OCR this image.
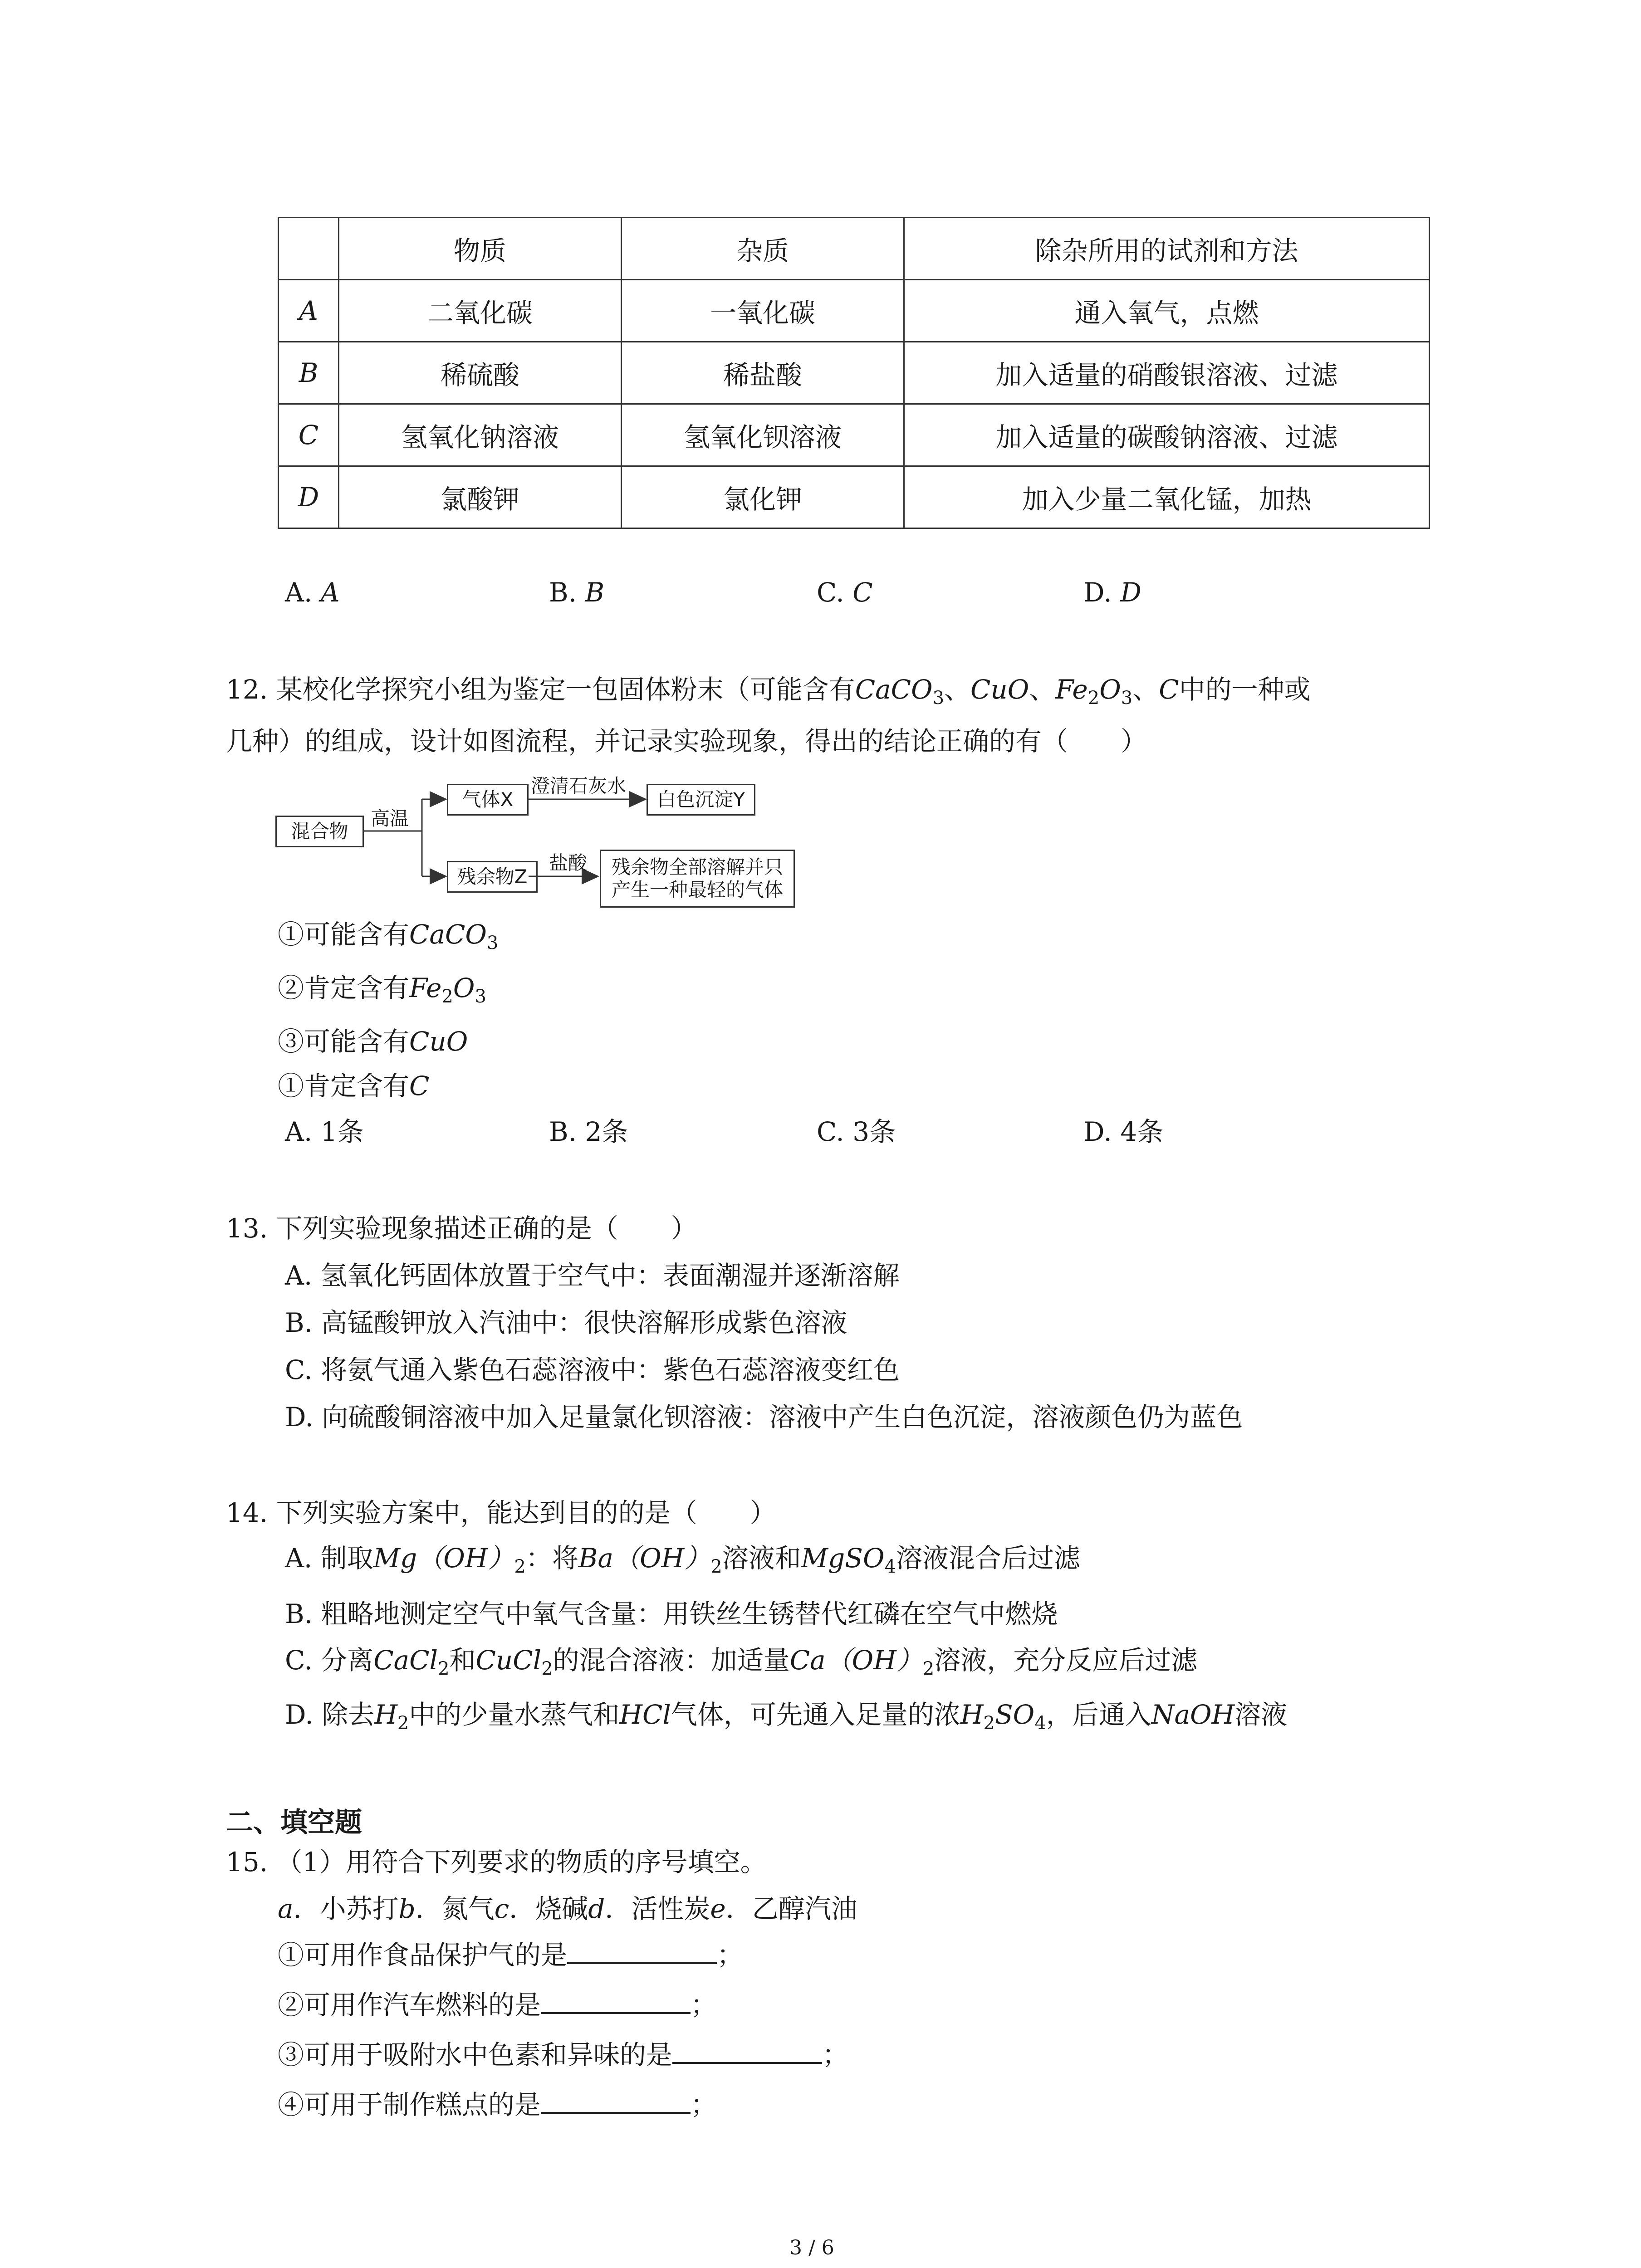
	物质	杂质	除杂所用的试剂和方法
A	二氧化碳	一氧化碳	通入氧气，点燃
B	稀硫酸	稀盐酸	加入适量的硝酸银溶液、过滤
C	氢氧化钠溶液	氢氧化钡溶液	加入适量的碳酸钠溶液、过滤
D	氯酸钾	氯化钾	加入少量二氧化锰，加热
A. A	B. B	C. C	D. D
12. 某校化学探究小组为鉴定一包固体粉末（可能含有CaCO$_3$、CuO、$Fe_2O_3$、C中的一种或
几种）的组成，设计如图流程，并记录实验现象，得出的结论正确的有（　　）
混合物
高温
气体X
澄清石灰水
白色沉淀Y
残余物Z
盐酸 残余物全部溶解并只
产生一种最轻的气体
①可能含有CaCO$_3$
②肯定含有$Fe_2O_3$
③可能含有CuO
①肯定含有C
A. 1条	B. 2条	C. 3条	D. 4条
13. 下列实验现象描述正确的是（　　）
A. 氢氧化钙固体放置于空气中：表面潮湿并逐渐溶解
B. 高锰酸钾放入汽油中：很快溶解形成紫色溶液
C. 将氨气通入紫色石蕊溶液中：紫色石蕊溶液变红色
D. 向硫酸铜溶液中加入足量氯化钡溶液：溶液中产生白色沉淀，溶液颜色仍为蓝色
14. 下列实验方案中，能达到目的的是（　　）
A. 制取$Mg(OH)_2$：将$Ba(OH)_2$溶液和MgSO$_4$溶液混合后过滤
B. 粗略地测定空气中氧气含量：用铁丝生锈替代红磷在空气中燃烧
C. 分离CaCl$_2$和CuCl$_2$的混合溶液：加适量$Ca(OH)_2$溶液，充分反应后过滤
D. 除去$H_2$中的少量水蒸气和HCl气体，可先通入足量的浓$H_2SO_4$，后通入NaOH溶液
二、填空题
15. （1）用符合下列要求的物质的序号填空。
a．小苏打b．氮气c．烧碱d．活性炭e．乙醇汽油
①可用作食品保护气的是	；
②可用作汽车燃料的是	；
③可用于吸附水中色素和异味的是	；
④可用于制作糕点的是	；
3 / 6
